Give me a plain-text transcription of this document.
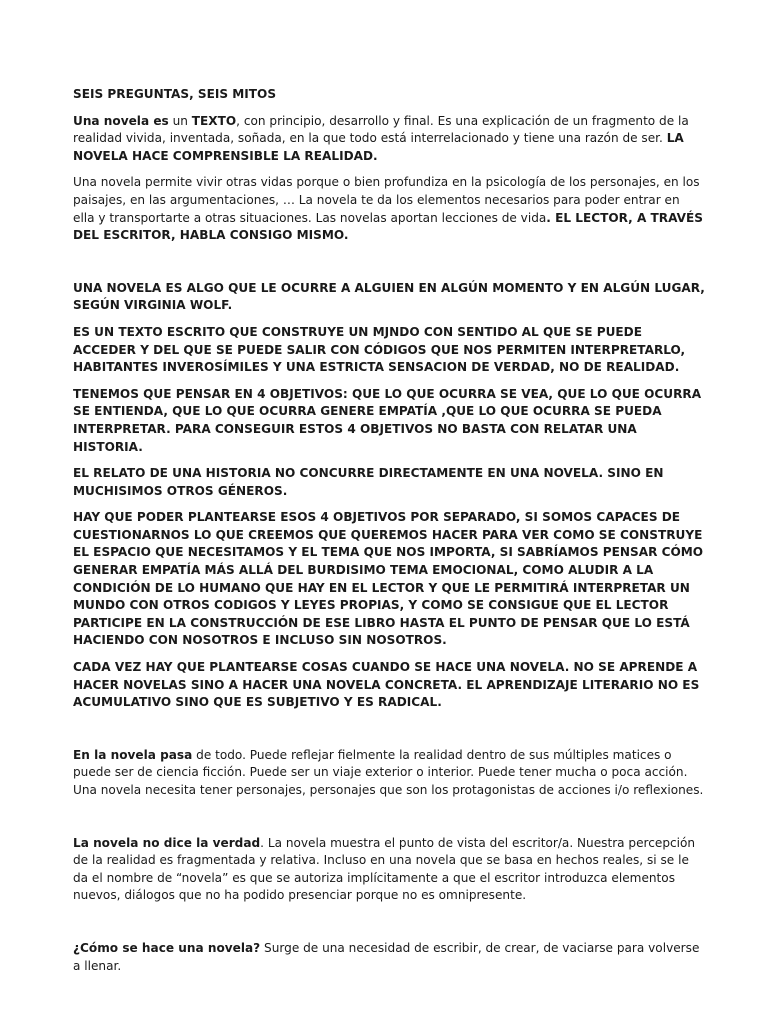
SEIS PREGUNTAS, SEIS MITOS

Una novela es un TEXTO, con principio, desarrollo y final. Es una explicación de un fragmento de la realidad vivida, inventada, soñada, en la que todo está interrelacionado y tiene una razón de ser. LA NOVELA HACE COMPRENSIBLE LA REALIDAD.

Una novela permite vivir otras vidas porque o bien profundiza en la psicología de los personajes, en los paisajes, en las argumentaciones, … La novela te da los elementos necesarios para poder entrar en ella y transportarte a otras situaciones. Las novelas aportan lecciones de vida. EL LECTOR, A TRAVÉS DEL ESCRITOR, HABLA CONSIGO MISMO.

UNA NOVELA ES ALGO QUE LE OCURRE A ALGUIEN EN ALGÚN MOMENTO Y EN ALGÚN LUGAR, SEGÚN VIRGINIA WOLF.

ES UN TEXTO ESCRITO QUE CONSTRUYE UN MJNDO CON SENTIDO AL QUE SE PUEDE ACCEDER Y DEL QUE SE PUEDE SALIR CON CÓDIGOS QUE NOS PERMITEN INTERPRETARLO, HABITANTES INVEROSÍMILES Y UNA ESTRICTA SENSACION DE VERDAD, NO DE REALIDAD.

TENEMOS QUE PENSAR EN 4 OBJETIVOS: QUE LO QUE OCURRA SE VEA, QUE LO QUE OCURRA SE ENTIENDA, QUE LO QUE OCURRA GENERE EMPATÍA ,QUE LO QUE OCURRA SE PUEDA INTERPRETAR. PARA CONSEGUIR ESTOS 4 OBJETIVOS NO BASTA CON RELATAR UNA HISTORIA.

EL RELATO DE UNA HISTORIA NO CONCURRE DIRECTAMENTE EN UNA NOVELA. SINO EN MUCHISIMOS OTROS GÉNEROS.

HAY QUE PODER PLANTEARSE ESOS 4 OBJETIVOS POR SEPARADO, SI SOMOS CAPACES DE CUESTIONARNOS LO QUE CREEMOS QUE QUEREMOS HACER PARA VER COMO SE CONSTRUYE EL ESPACIO QUE NECESITAMOS Y EL TEMA QUE NOS IMPORTA, SI SABRÍAMOS PENSAR CÓMO GENERAR EMPATÍA MÁS ALLÁ DEL BURDISIMO TEMA EMOCIONAL, COMO ALUDIR A LA CONDICIÓN DE LO HUMANO QUE HAY EN EL LECTOR Y QUE LE PERMITIRÁ INTERPRETAR UN MUNDO CON OTROS CODIGOS Y LEYES PROPIAS, Y COMO SE CONSIGUE QUE EL LECTOR PARTICIPE EN LA CONSTRUCCIÓN DE ESE LIBRO HASTA EL PUNTO DE PENSAR QUE LO ESTÁ HACIENDO CON NOSOTROS E INCLUSO SIN NOSOTROS.

CADA VEZ HAY QUE PLANTEARSE COSAS CUANDO SE HACE UNA NOVELA. NO SE APRENDE A HACER NOVELAS SINO A HACER UNA NOVELA CONCRETA. EL APRENDIZAJE LITERARIO NO ES ACUMULATIVO SINO QUE ES SUBJETIVO Y ES RADICAL.

En la novela pasa de todo. Puede reflejar fielmente la realidad dentro de sus múltiples matices o puede ser de ciencia ficción. Puede ser un viaje exterior o interior. Puede tener mucha o poca acción. Una novela necesita tener personajes, personajes que son los protagonistas de acciones i/o reflexiones.

La novela no dice la verdad. La novela muestra el punto de vista del escritor/a. Nuestra percepción de la realidad es fragmentada y relativa. Incluso en una novela que se basa en hechos reales, si se le da el nombre de “novela” es que se autoriza implícitamente a que el escritor introduzca elementos nuevos, diálogos que no ha podido presenciar porque no es omnipresente.

¿Cómo se hace una novela? Surge de una necesidad de escribir, de crear, de vaciarse para volverse a llenar.
